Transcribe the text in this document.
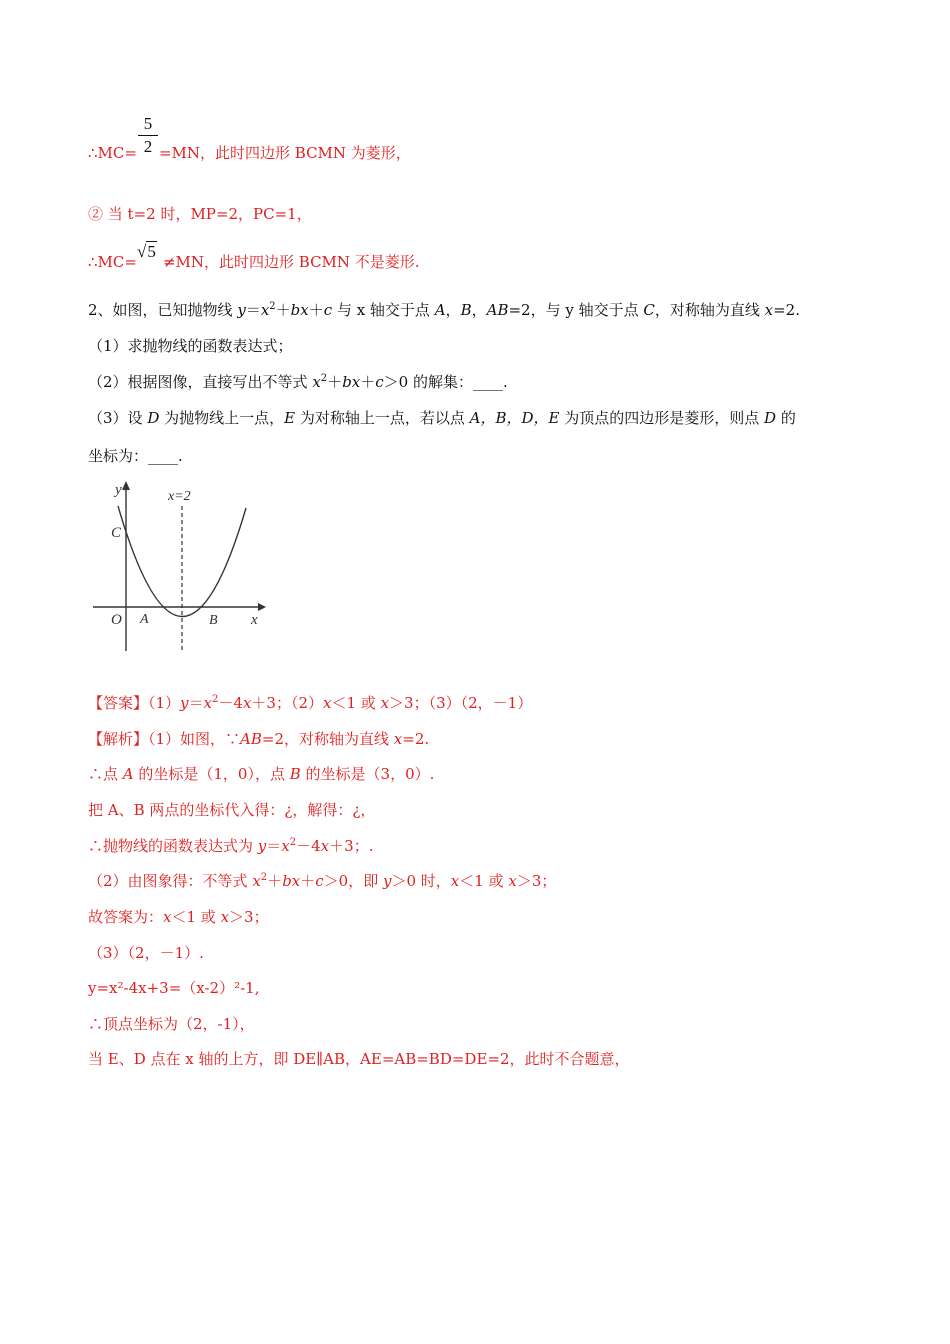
5
2
∴MC= =MN，此时四边形 BCMN 为菱形，
② 当 t=2 时，MP=2，PC=1，
√5
∴MC= ≠MN，此时四边形 BCMN 不是菱形.
2、如图，已知抛物线 $y=x^2+bx+c$ 与 x 轴交于点 A，B，AB=2，与 y 轴交于点 C，对称轴为直线 x=2.
（1）求抛物线的函数表达式；
（2）根据图像，直接写出不等式 $x^2+bx+c>0$ 的解集：____.
（3）设 D 为抛物线上一点，E 为对称轴上一点，若以点 A，B，D，E 为顶点的四边形是菱形，则点 D 的
坐标为：____.
x=2
y
x
O A	B
C
【答案】$(1)y=x^2-4x+3$；（2）x＜1 或 x＞3；（3）（2，－1）
【解析】（1）如图，∵AB=2，对称轴为直线 x=2.
∴点 A 的坐标是（1，0），点 B 的坐标是（3，0）.
把 A、B 两点的坐标代入得：¿，解得：¿，
∴抛物线的函数表达式为 $y=x^2-4x+3$；.
（2）由图象得：不等式 $x^2+bx+c>0$，即 y＞0 时，x＜1 或 x＞3；
故答案为：x＜1 或 x＞3；
（3）（2，－1）.
y=x²-4x+3=（x-2）²-1,
∴顶点坐标为（2，-1），
当 E、D 点在 x 轴的上方，即 DE∥AB，AE=AB=BD=DE=2，此时不合题意，
